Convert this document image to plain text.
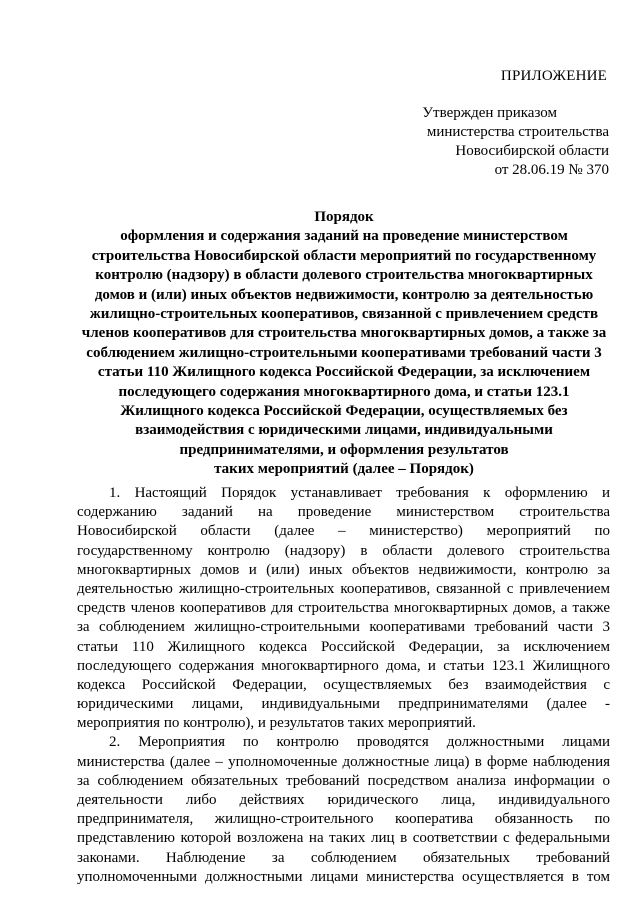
ПРИЛОЖЕНИЕ
Утвержден приказом
министерства строительства
Новосибирской области
от 28.06.19 № 370
Порядок
оформления и содержания заданий на проведение министерством
строительства Новосибирской области мероприятий по государственному
контролю (надзору) в области долевого строительства многоквартирных
домов и (или) иных объектов недвижимости, контролю за деятельностью
жилищно-строительных кооперативов, связанной с привлечением средств
членов кооперативов для строительства многоквартирных домов, а также за
соблюдением жилищно-строительными кооперативами требований части 3
статьи 110 Жилищного кодекса Российской Федерации, за исключением
последующего содержания многоквартирного дома, и статьи 123.1
Жилищного кодекса Российской Федерации, осуществляемых без
взаимодействия с юридическими лицами, индивидуальными
предпринимателями, и оформления результатов
таких мероприятий (далее – Порядок)
1. Настоящий Порядок устанавливает требования к оформлению и
содержанию заданий на проведение министерством строительства
Новосибирской области (далее – министерство) мероприятий по
государственному контролю (надзору) в области долевого строительства
многоквартирных домов и (или) иных объектов недвижимости, контролю за
деятельностью жилищно-строительных кооперативов, связанной с привлечением
средств членов кооперативов для строительства многоквартирных домов, а также
за соблюдением жилищно-строительными кооперативами требований части 3
статьи 110 Жилищного кодекса Российской Федерации, за исключением
последующего содержания многоквартирного дома, и статьи 123.1 Жилищного
кодекса Российской Федерации, осуществляемых без взаимодействия с
юридическими лицами, индивидуальными предпринимателями (далее -
мероприятия по контролю), и результатов таких мероприятий.
2. Мероприятия по контролю проводятся должностными лицами
министерства (далее – уполномоченные должностные лица) в форме наблюдения
за соблюдением обязательных требований посредством анализа информации о
деятельности либо действиях юридического лица, индивидуального
предпринимателя, жилищно-строительного кооператива обязанность по
представлению которой возложена на таких лиц в соответствии с федеральными
законами. Наблюдение за соблюдением обязательных требований
уполномоченными должностными лицами министерства осуществляется в том
